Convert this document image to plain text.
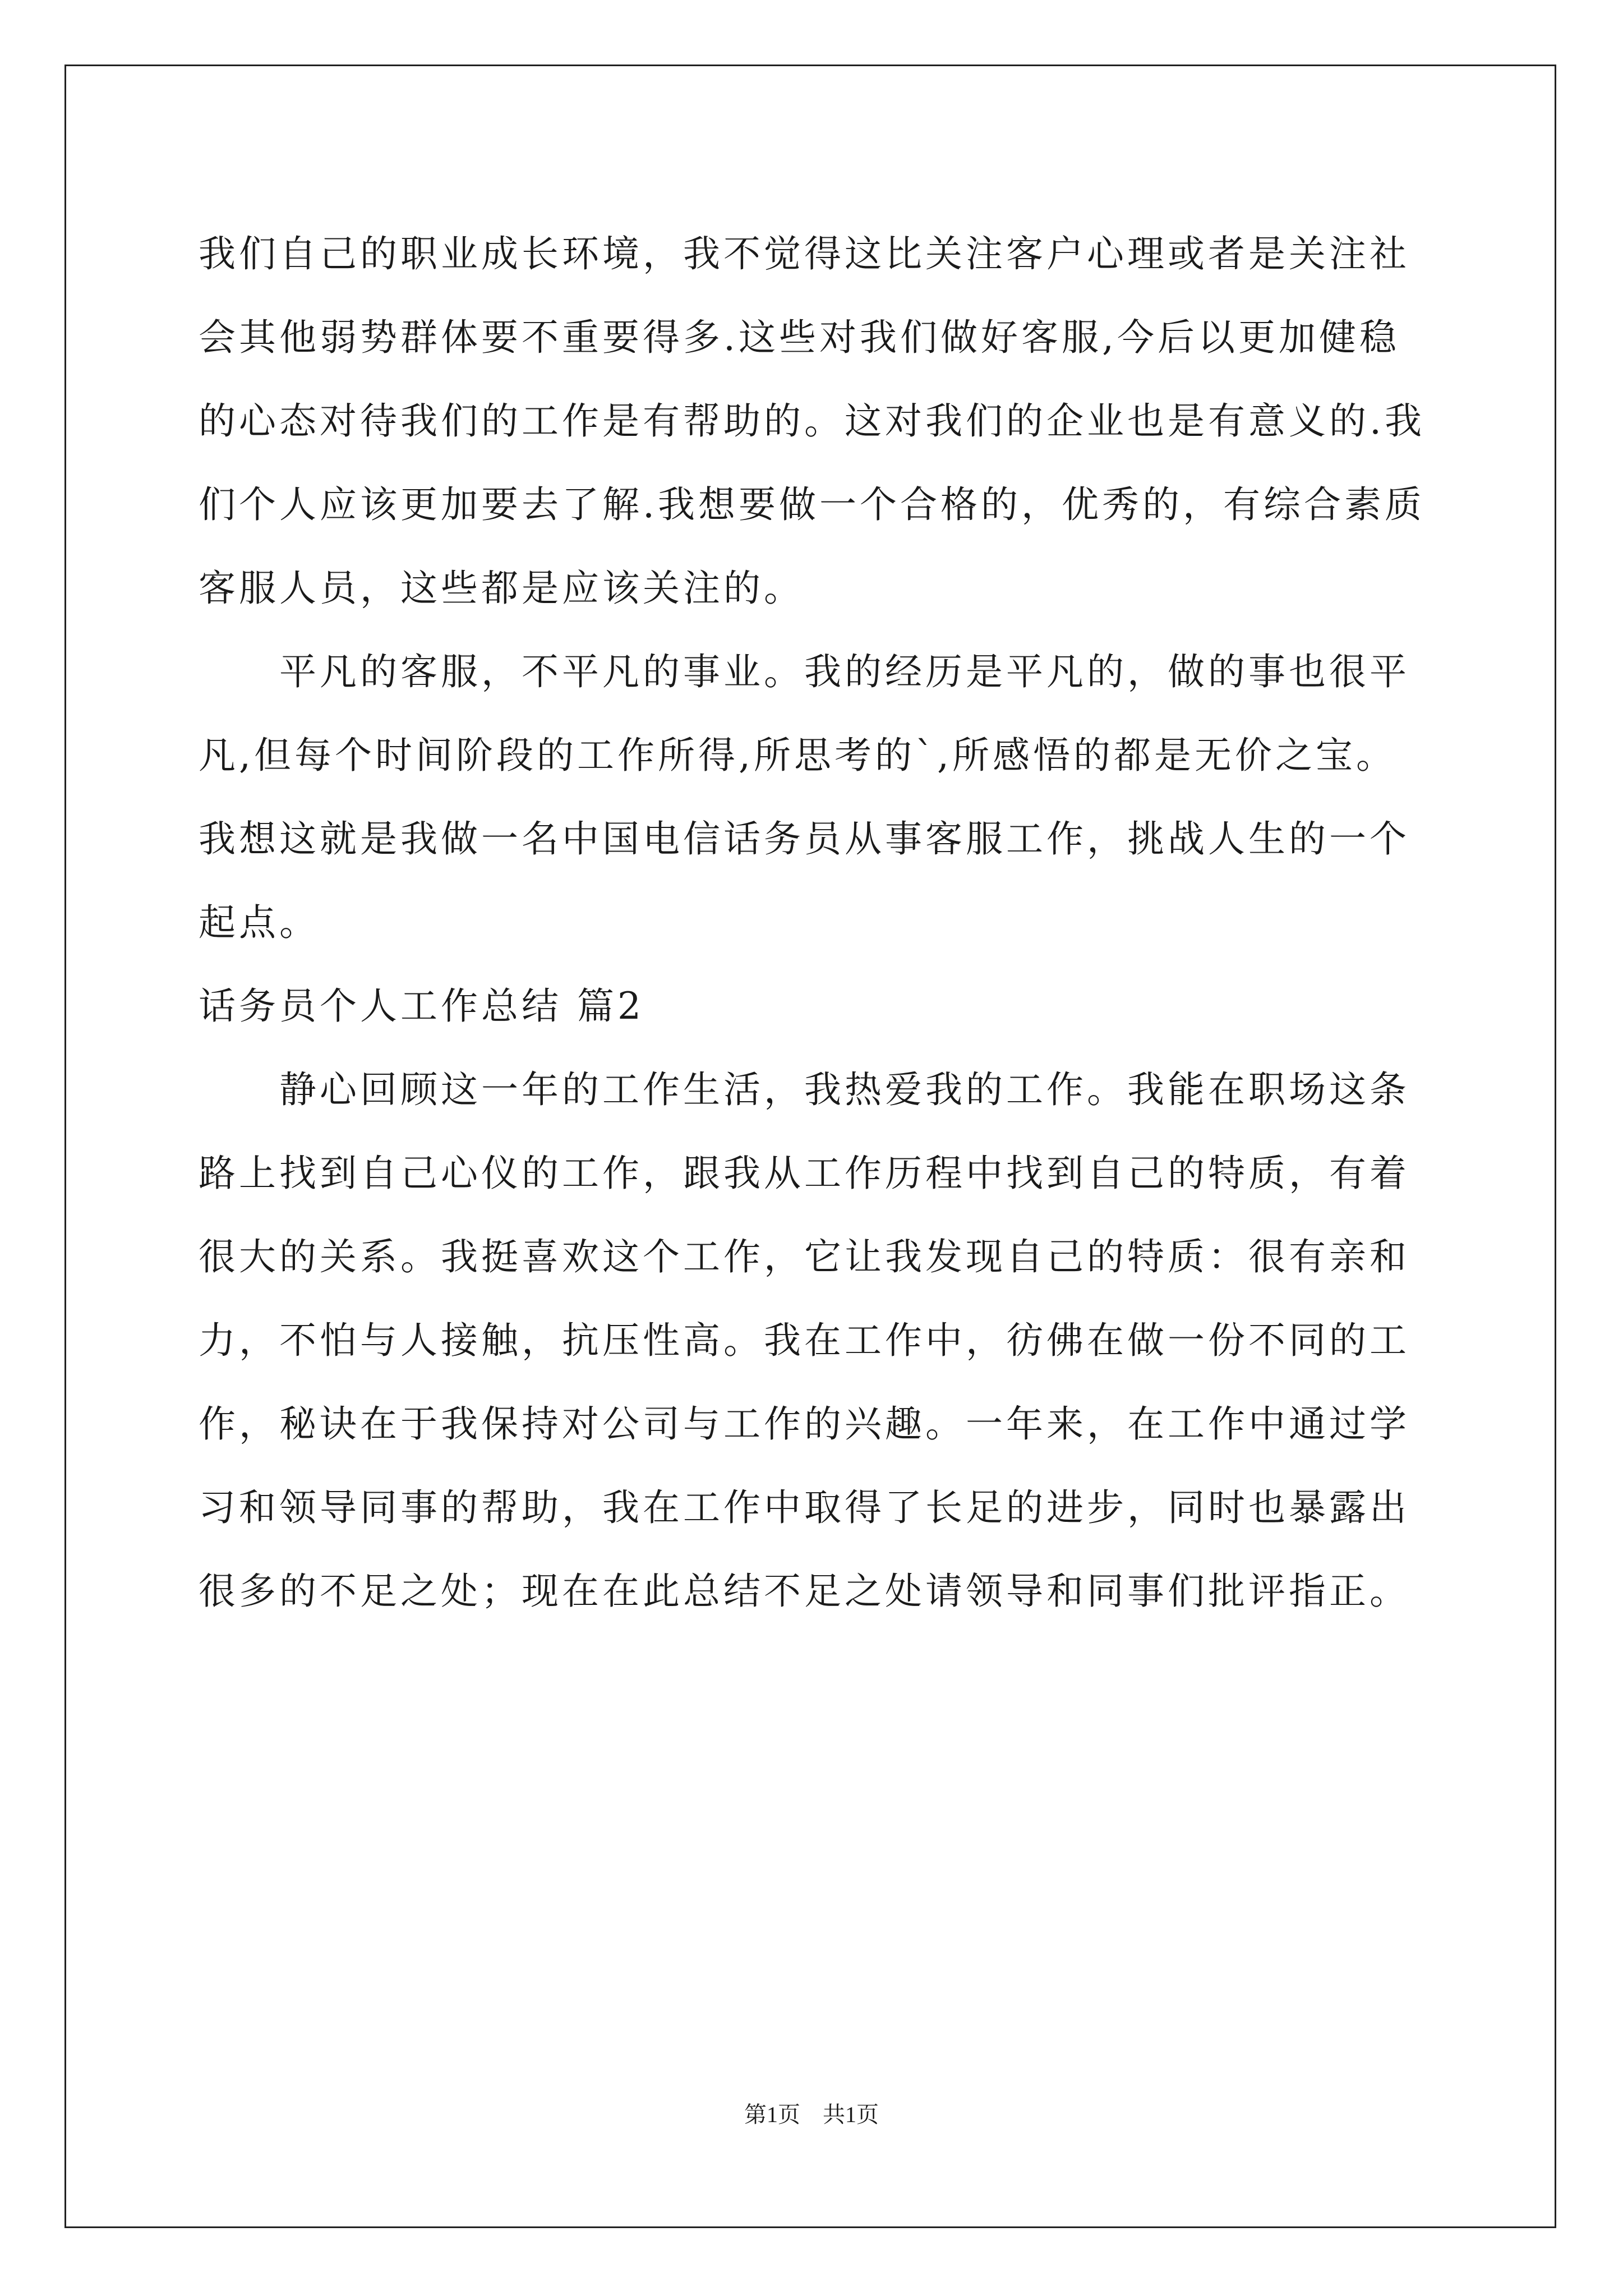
我们自己的职业成长环境，我不觉得这比关注客户心理或者是关注社
会其他弱势群体要不重要得多.这些对我们做好客服,今后以更加健稳
的心态对待我们的工作是有帮助的。这对我们的企业也是有意义的.我
们个人应该更加要去了解.我想要做一个合格的，优秀的，有综合素质
客服人员，这些都是应该关注的。
　　平凡的客服，不平凡的事业。我的经历是平凡的，做的事也很平
凡,但每个时间阶段的工作所得,所思考的`,所感悟的都是无价之宝。
我想这就是我做一名中国电信话务员从事客服工作，挑战人生的一个
起点。
话务员个人工作总结 篇2
　　静心回顾这一年的工作生活，我热爱我的工作。我能在职场这条
路上找到自己心仪的工作，跟我从工作历程中找到自己的特质，有着
很大的关系。我挺喜欢这个工作，它让我发现自己的特质：很有亲和
力，不怕与人接触，抗压性高。我在工作中，彷佛在做一份不同的工
作，秘诀在于我保持对公司与工作的兴趣。一年来，在工作中通过学
习和领导同事的帮助，我在工作中取得了长足的进步，同时也暴露出
很多的不足之处；现在在此总结不足之处请领导和同事们批评指正。
第1页　共1页
